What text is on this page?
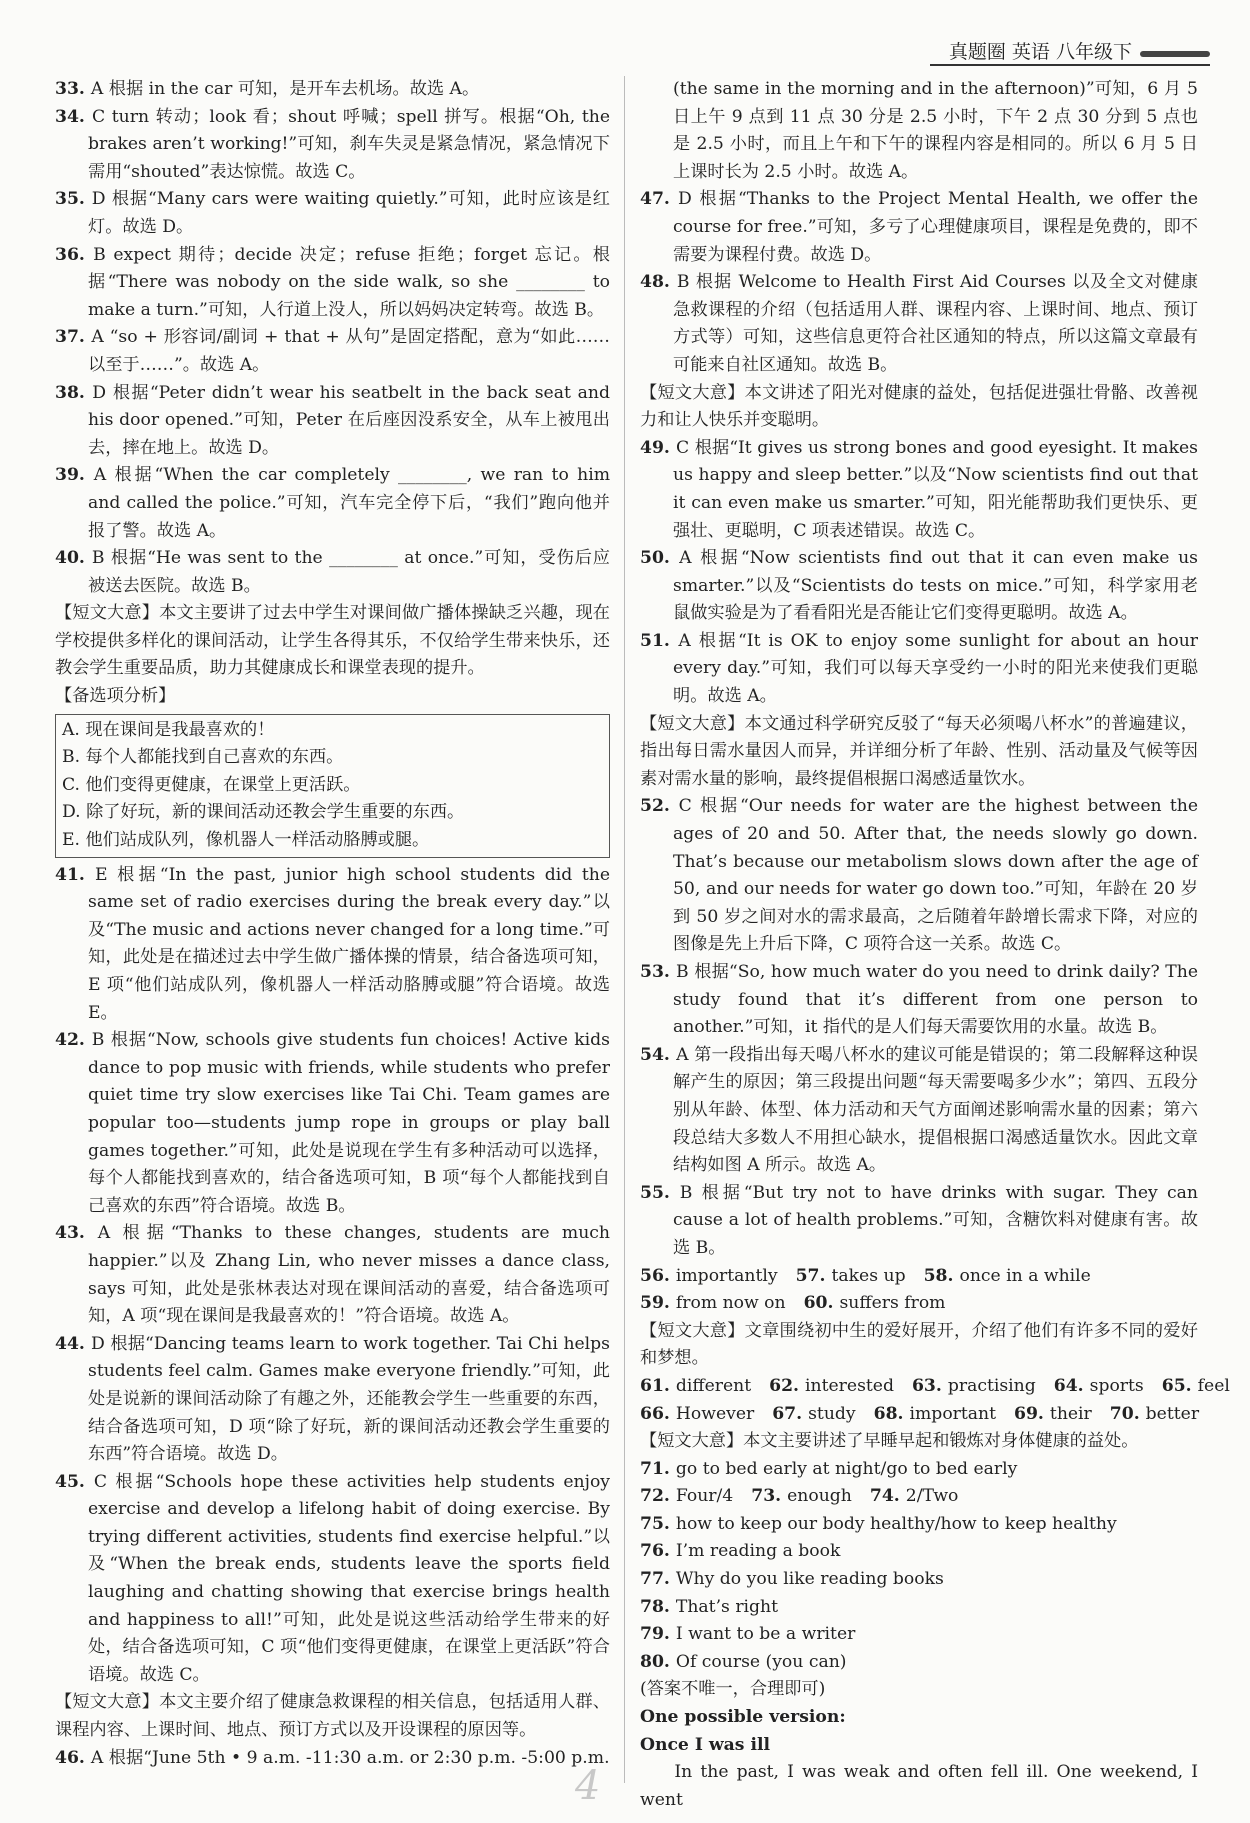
真题圈
英语
八年级下

33. A 根据 in the car 可知，是开车去机场。故选 A。

34. C turn 转动；look 看；shout 呼喊；spell 拼写。根据“Oh, the brakes aren’t working!”可知，刹车失灵是紧急情况，紧急情况下需用“shouted”表达惊慌。故选 C。

35. D 根据“Many cars were waiting quietly.”可知，此时应该是红灯。故选 D。

36. B expect 期待；decide 决定；refuse 拒绝；forget 忘记。根据“There was nobody on the side walk, so she ________ to make a turn.”可知，人行道上没人，所以妈妈决定转弯。故选 B。

37. A “so + 形容词/副词 + that + 从句”是固定搭配，意为“如此……以至于……”。故选 A。

38. D 根据“Peter didn’t wear his seatbelt in the back seat and his door opened.”可知，Peter 在后座因没系安全，从车上被甩出去，摔在地上。故选 D。

39. A 根据“When the car completely ________, we ran to him and called the police.”可知，汽车完全停下后，“我们”跑向他并报了警。故选 A。

40. B 根据“He was sent to the ________ at once.”可知，受伤后应被送去医院。故选 B。

【短文大意】本文主要讲了过去中学生对课间做广播体操缺乏兴趣，现在学校提供多样化的课间活动，让学生各得其乐，不仅给学生带来快乐，还教会学生重要品质，助力其健康成长和课堂表现的提升。

【备选项分析】

A. 现在课间是我最喜欢的！

B. 每个人都能找到自己喜欢的东西。

C. 他们变得更健康，在课堂上更活跃。

D. 除了好玩，新的课间活动还教会学生重要的东西。

E. 他们站成队列，像机器人一样活动胳膊或腿。

41. E 根据“In the past, junior high school students did the same set of radio exercises during the break every day.”以及“The music and actions never changed for a long time.”可知，此处是在描述过去中学生做广播体操的情景，结合备选项可知，E 项“他们站成队列，像机器人一样活动胳膊或腿”符合语境。故选 E。

42. B 根据“Now, schools give students fun choices! Active kids dance to pop music with friends, while students who prefer quiet time try slow exercises like Tai Chi. Team games are popular too—students jump rope in groups or play ball games together.”可知，此处是说现在学生有多种活动可以选择，每个人都能找到喜欢的，结合备选项可知，B 项“每个人都能找到自己喜欢的东西”符合语境。故选 B。

43. A 根据“Thanks to these changes, students are much happier.”以及 Zhang Lin, who never misses a dance class, says 可知，此处是张林表达对现在课间活动的喜爱，结合备选项可知，A 项“现在课间是我最喜欢的！”符合语境。故选 A。

44. D 根据“Dancing teams learn to work together. Tai Chi helps students feel calm. Games make everyone friendly.”可知，此处是说新的课间活动除了有趣之外，还能教会学生一些重要的东西，结合备选项可知，D 项“除了好玩，新的课间活动还教会学生重要的东西”符合语境。故选 D。

45. C 根据“Schools hope these activities help students enjoy exercise and develop a lifelong habit of doing exercise. By trying different activities, students find exercise helpful.”以及“When the break ends, students leave the sports field laughing and chatting showing that exercise brings health and happiness to all!”可知，此处是说这些活动给学生带来的好处，结合备选项可知，C 项“他们变得更健康，在课堂上更活跃”符合语境。故选 C。

【短文大意】本文主要介绍了健康急救课程的相关信息，包括适用人群、课程内容、上课时间、地点、预订方式以及开设课程的原因等。

46. A 根据“June 5th • 9 a.m. -11:30 a.m. or 2:30 p.m. -5:00 p.m.

(the same in the morning and in the afternoon)”可知，6 月 5 日上午 9 点到 11 点 30 分是 2.5 小时，下午 2 点 30 分到 5 点也是 2.5 小时，而且上午和下午的课程内容是相同的。所以 6 月 5 日上课时长为 2.5 小时。故选 A。

47. D 根据“Thanks to the Project Mental Health, we offer the course for free.”可知，多亏了心理健康项目，课程是免费的，即不需要为课程付费。故选 D。

48. B 根据 Welcome to Health First Aid Courses 以及全文对健康急救课程的介绍（包括适用人群、课程内容、上课时间、地点、预订方式等）可知，这些信息更符合社区通知的特点，所以这篇文章最有可能来自社区通知。故选 B。

【短文大意】本文讲述了阳光对健康的益处，包括促进强壮骨骼、改善视力和让人快乐并变聪明。

49. C 根据“It gives us strong bones and good eyesight. It makes us happy and sleep better.”以及“Now scientists find out that it can even make us smarter.”可知，阳光能帮助我们更快乐、更强壮、更聪明，C 项表述错误。故选 C。

50. A 根据“Now scientists find out that it can even make us smarter.”以及“Scientists do tests on mice.”可知，科学家用老鼠做实验是为了看看阳光是否能让它们变得更聪明。故选 A。

51. A 根据“It is OK to enjoy some sunlight for about an hour every day.”可知，我们可以每天享受约一小时的阳光来使我们更聪明。故选 A。

【短文大意】本文通过科学研究反驳了“每天必须喝八杯水”的普遍建议，指出每日需水量因人而异，并详细分析了年龄、性别、活动量及气候等因素对需水量的影响，最终提倡根据口渴感适量饮水。

52. C 根据“Our needs for water are the highest between the ages of 20 and 50. After that, the needs slowly go down. That’s because our metabolism slows down after the age of 50, and our needs for water go down too.”可知，年龄在 20 岁到 50 岁之间对水的需求最高，之后随着年龄增长需求下降，对应的图像是先上升后下降，C 项符合这一关系。故选 C。

53. B 根据“So, how much water do you need to drink daily? The study found that it’s different from one person to another.”可知，it 指代的是人们每天需要饮用的水量。故选 B。

54. A 第一段指出每天喝八杯水的建议可能是错误的；第二段解释这种误解产生的原因；第三段提出问题“每天需要喝多少水”；第四、五段分别从年龄、体型、体力活动和天气方面阐述影响需水量的因素；第六段总结大多数人不用担心缺水，提倡根据口渴感适量饮水。因此文章结构如图 A 所示。故选 A。

55. B 根据“But try not to have drinks with sugar. They can cause a lot of health problems.”可知，含糖饮料对健康有害。故选 B。

56. importantly 57. takes up 58. once in a while
59. from now on 60. suffers from

【短文大意】文章围绕初中生的爱好展开，介绍了他们有许多不同的爱好和梦想。

61. different 62. interested 63. practising 64. sports 65. feel
66. However 67. study 68. important 69. their 70. better

【短文大意】本文主要讲述了早睡早起和锻炼对身体健康的益处。

71. go to bed early at night/go to bed early
72. Four/4 73. enough 74. 2/Two
75. how to keep our body healthy/how to keep healthy
76. I’m reading a book
77. Why do you like reading books
78. That’s right
79. I want to be a writer
80. Of course (you can)

(答案不唯一，合理即可)

One possible version:

Once I was ill

In the past, I was weak and often fell ill. One weekend, I went

4
